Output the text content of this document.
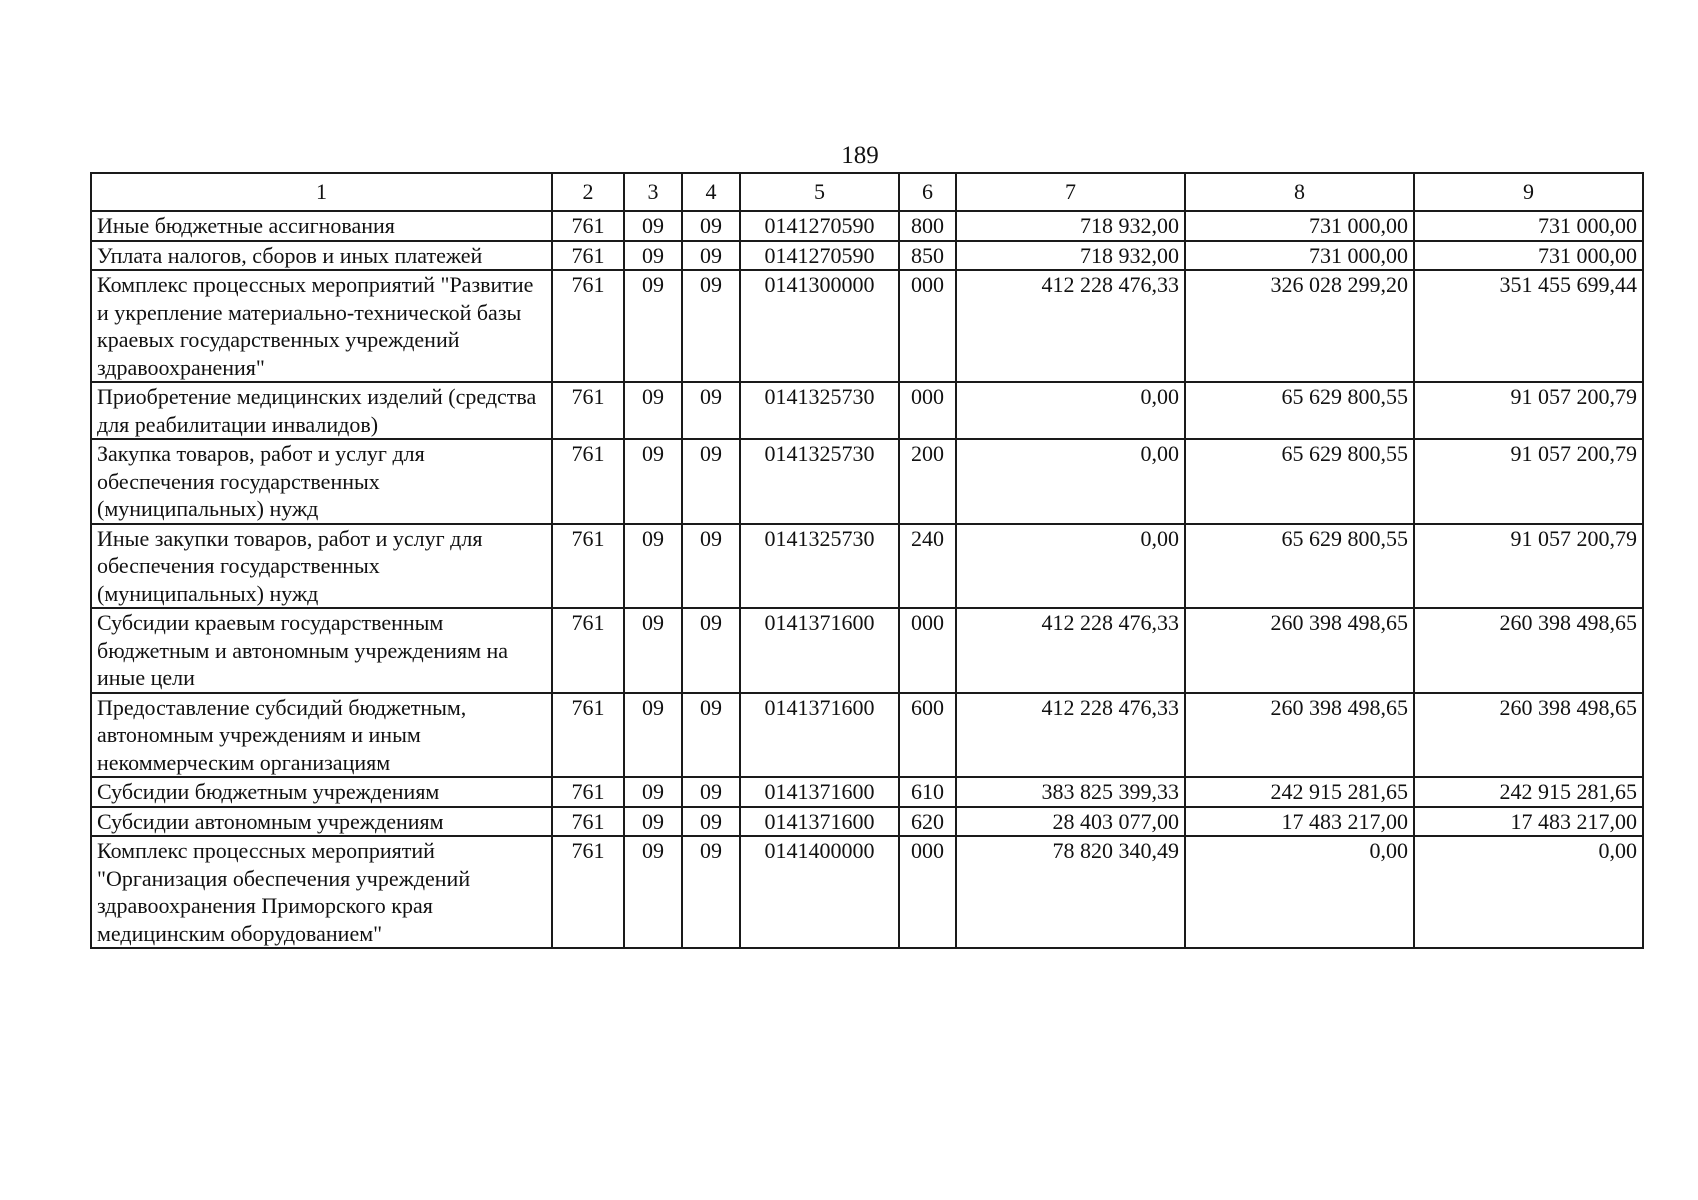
189
1	2	3	4	5	6	7	8	9
Иные бюджетные ассигнования	761	09	09	0141270590	800	718 932,00	731 000,00	731 000,00
Уплата налогов, сборов и иных платежей	761	09	09	0141270590	850	718 932,00	731 000,00	731 000,00
Комплекс процессных мероприятий "Развитие и укрепление материально-технической базы краевых государственных учреждений здравоохранения"	761	09	09	0141300000	000	412 228 476,33	326 028 299,20	351 455 699,44
Приобретение медицинских изделий (средства для реабилитации инвалидов)	761	09	09	0141325730	000	0,00	65 629 800,55	91 057 200,79
Закупка товаров, работ и услуг для обеспечения государственных (муниципальных) нужд	761	09	09	0141325730	200	0,00	65 629 800,55	91 057 200,79
Иные закупки товаров, работ и услуг для обеспечения государственных (муниципальных) нужд	761	09	09	0141325730	240	0,00	65 629 800,55	91 057 200,79
Субсидии краевым государственным бюджетным и автономным учреждениям на иные цели	761	09	09	0141371600	000	412 228 476,33	260 398 498,65	260 398 498,65
Предоставление субсидий бюджетным, автономным учреждениям и иным некоммерческим организациям	761	09	09	0141371600	600	412 228 476,33	260 398 498,65	260 398 498,65
Субсидии бюджетным учреждениям	761	09	09	0141371600	610	383 825 399,33	242 915 281,65	242 915 281,65
Субсидии автономным учреждениям	761	09	09	0141371600	620	28 403 077,00	17 483 217,00	17 483 217,00
Комплекс процессных мероприятий "Организация обеспечения учреждений здравоохранения Приморского края медицинским оборудованием"	761	09	09	0141400000	000	78 820 340,49	0,00	0,00
